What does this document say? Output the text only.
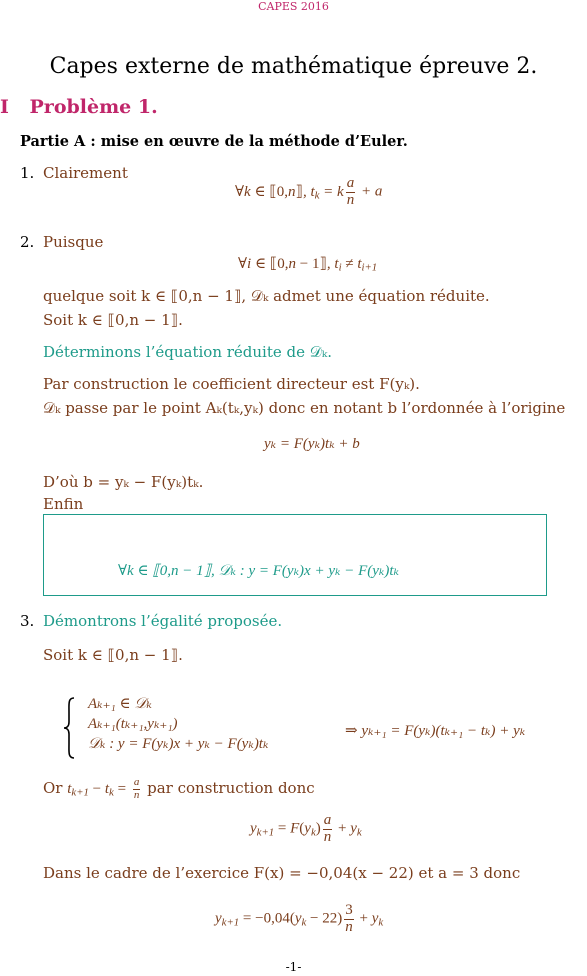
CAPES 2016
Capes externe de mathématique épreuve 2.
I Problème 1.
Partie A : mise en œuvre de la méthode d’Euler.
1. Clairement
∀k ∈ ⟦0,n⟧, $t_k = k \frac{a}{n} + a$
2. Puisque
∀i ∈ ⟦0,n − 1⟧, $t_i \ne t_{i+1}$
quelque soit k ∈ ⟦0,n − 1⟧, 𝒟ₖ admet une équation réduite.
Soit k ∈ ⟦0,n − 1⟧.
Déterminons l’équation réduite de 𝒟ₖ.
Par construction le coefficient directeur est F(yₖ).
𝒟ₖ passe par le point Aₖ(tₖ,yₖ) donc en notant b l’ordonnée à l’origine
yₖ = F(yₖ)tₖ + b
D’où b = yₖ − F(yₖ)tₖ.
Enfin
∀k ∈ ⟦0,n − 1⟧, 𝒟ₖ : y = F(yₖ)x + yₖ − F(yₖ)tₖ
3. Démontrons l’égalité proposée.
Soit k ∈ ⟦0,n − 1⟧.
Aₖ₊₁ ∈ 𝒟ₖ
Aₖ₊₁(tₖ₊₁,yₖ₊₁)
𝒟ₖ : y = F(yₖ)x + yₖ − F(yₖ)tₖ
⇒ yₖ₊₁ = F(yₖ)(tₖ₊₁ − tₖ) + yₖ
Or $t_{k+1} - t_k = \frac{a}{n}$ par construction donc
$y_{k+1} = F(y_k) \frac{a}{n} + y_k$
Dans le cadre de l’exercice F(x) = −0,04(x − 22) et a = 3 donc
$y_{k+1} = -0,04(y_k - 22) \frac{3}{n} + y_k$
-1-
